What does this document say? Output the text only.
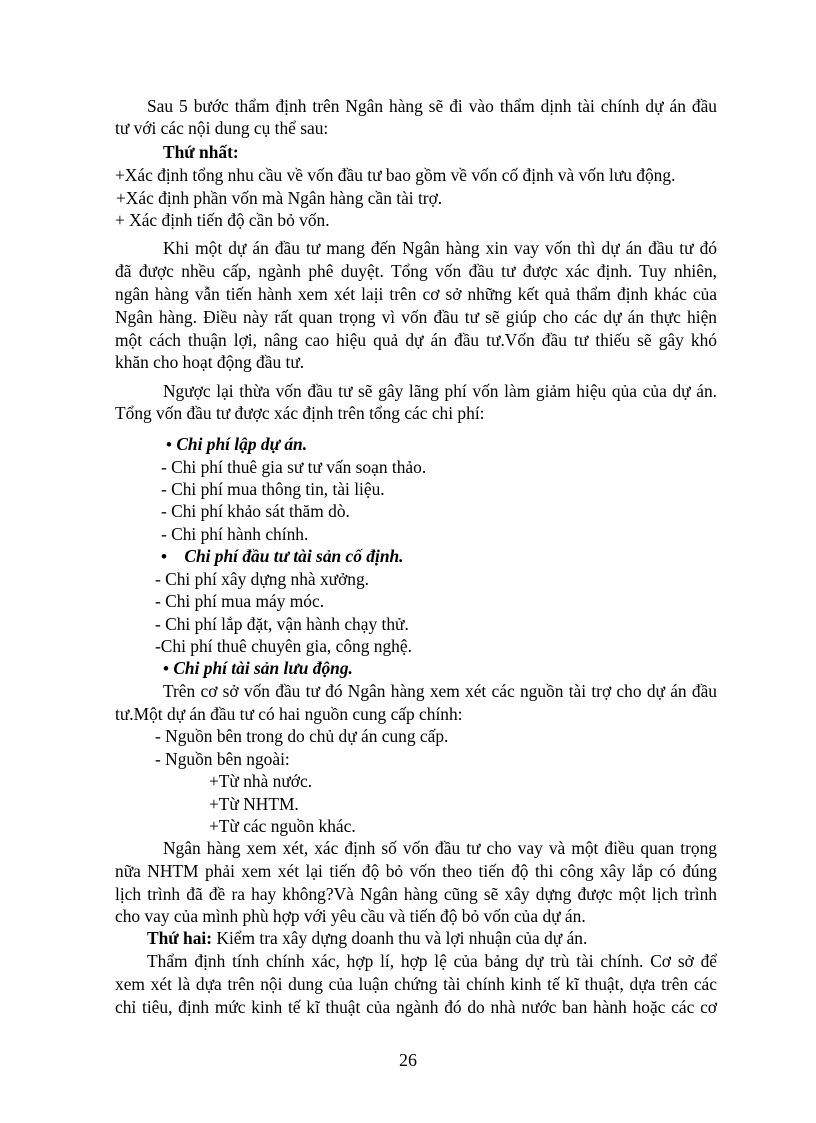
Sau 5 bước thẩm định trên Ngân hàng sẽ đi vào thẩm dịnh tài chính dự án đầu
tư với các nội dung cụ thể sau:
Thứ nhất:
+Xác định tổng nhu cầu về vốn đầu tư bao gồm về vốn cố định và vốn lưu động.
+Xác định phần vốn mà Ngân hàng cần tài trợ.
+ Xác định tiến độ cần bỏ vốn.
Khi một dự án đầu tư mang đến Ngân hàng xin vay vốn thì dự án đầu tư đó
đã được nhều cấp, ngành phê duyệt. Tổng vốn đầu tư được xác định. Tuy nhiên,
ngân hàng vẫn tiến hành xem xét laịi trên cơ sở những kết quả thẩm định khác của
Ngân hàng. Điều này rất quan trọng vì vốn đầu tư sẽ giúp cho các dự án thực hiện
một cách thuận lợi, nâng cao hiệu quả dự án đầu tư.Vốn đầu tư thiếu sẽ gây khó
khăn cho hoạt động đầu tư.
Ngược lại thừa vốn đầu tư sẽ gây lãng phí vốn làm giảm hiệu qủa của dự án.
Tổng vốn đầu tư được xác định trên tổng các chi phí:
• Chi phí lập dự án.
- Chi phí thuê gia sư tư vấn soạn thảo.
- Chi phí mua thông tin, tài liệu.
- Chi phí khảo sát thăm dò.
- Chi phí hành chính.
• Chi phí đầu tư tài sản cố định.
- Chi phí xây dựng nhà xưởng.
- Chi phí mua máy móc.
- Chi phí lắp đặt, vận hành chạy thử.
-Chi phí thuê chuyên gia, công nghệ.
• Chi phí tài sản lưu động.
Trên cơ sở vốn đầu tư đó Ngân hàng xem xét các nguồn tài trợ cho dự án đầu
tư.Một dự án đầu tư có hai nguồn cung cấp chính:
- Nguồn bên trong do chủ dự án cung cấp.
- Nguồn bên ngoài:
+Từ nhà nước.
+Từ NHTM.
+Từ các nguồn khác.
Ngân hàng xem xét, xác định số vốn đầu tư cho vay và một điều quan trọng
nữa NHTM phải xem xét lại tiến độ bỏ vốn theo tiến độ thi công xây lắp có đúng
lịch trình đã đề ra hay không?Và Ngân hàng cũng sẽ xây dựng được một lịch trình
cho vay của mình phù hợp với yêu cầu và tiến độ bỏ vốn của dự án.
Thứ hai: Kiểm tra xây dựng doanh thu và lợi nhuận của dự án.
Thẩm định tính chính xác, hợp lí, hợp lệ của bảng dự trù tài chính. Cơ sở để
xem xét là dựa trên nội dung của luận chứng tài chính kinh tế kĩ thuật, dựa trên các
chỉ tiêu, định mức kinh tế kĩ thuật của ngành đó do nhà nước ban hành hoặc các cơ
26
